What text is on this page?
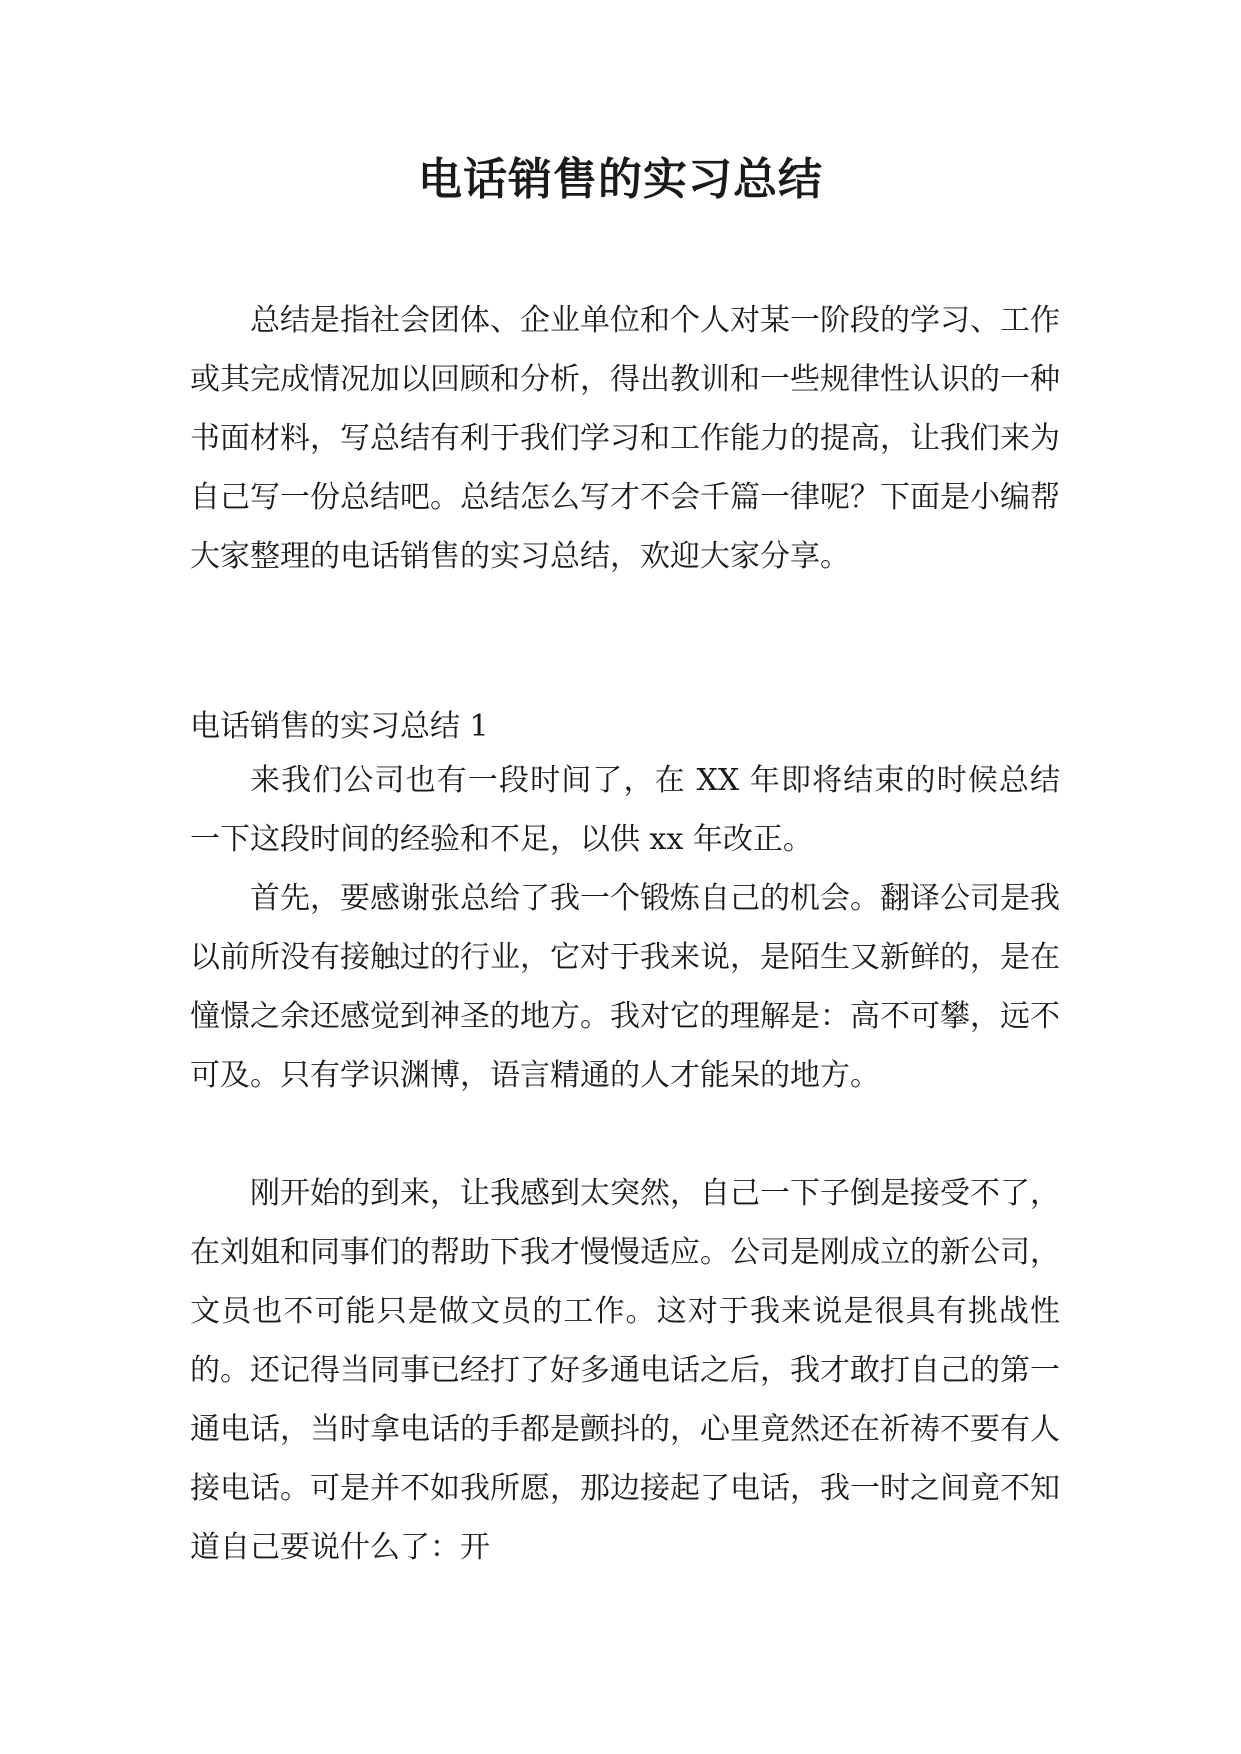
电话销售的实习总结

总结是指社会团体、企业单位和个人对某一阶段的学习、工作或其完成情况加以回顾和分析，得出教训和一些规律性认识的一种书面材料，写总结有利于我们学习和工作能力的提高，让我们来为自己写一份总结吧。总结怎么写才不会千篇一律呢？下面是小编帮大家整理的电话销售的实习总结，欢迎大家分享。

电话销售的实习总结 1

来我们公司也有一段时间了，在 XX 年即将结束的时候总结一下这段时间的经验和不足，以供 xx 年改正。

首先，要感谢张总给了我一个锻炼自己的机会。翻译公司是我以前所没有接触过的行业，它对于我来说，是陌生又新鲜的，是在憧憬之余还感觉到神圣的地方。我对它的理解是：高不可攀，远不可及。只有学识渊博，语言精通的人才能呆的地方。

刚开始的到来，让我感到太突然，自己一下子倒是接受不了，在刘姐和同事们的帮助下我才慢慢适应。公司是刚成立的新公司，文员也不可能只是做文员的工作。这对于我来说是很具有挑战性的。还记得当同事已经打了好多通电话之后，我才敢打自己的第一通电话，当时拿电话的手都是颤抖的，心里竟然还在祈祷不要有人接电话。可是并不如我所愿，那边接起了电话，我一时之间竟不知道自己要说什么了：开
